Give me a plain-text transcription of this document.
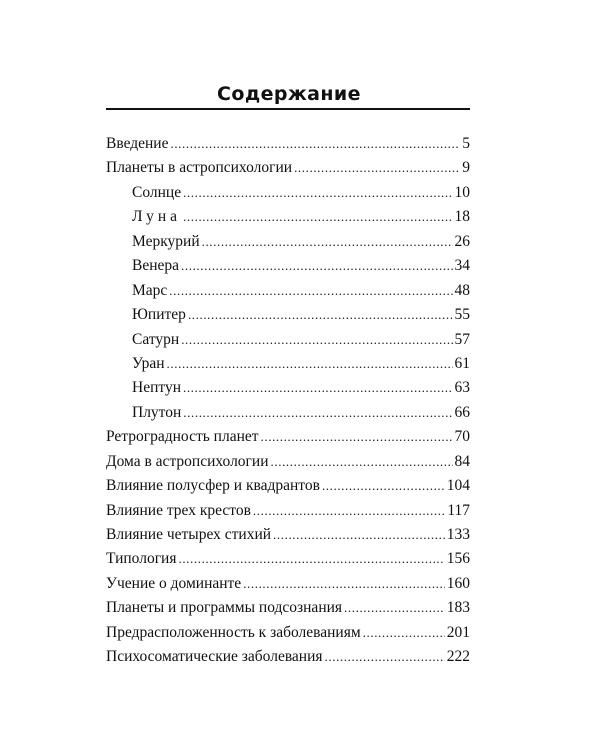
Содержание
Введение .....	5
Планеты в астропсихологии .....	9
Солнце .....	10
Луна .....	18
Меркурий .....	26
Венера .....	34
Марс .....	48
Юпитер .....	55
Сатурн .....	57
Уран .....	61
Нептун .....	63
Плутон .....	66
Ретроградность планет .....	70
Дома в астропсихологии .....	84
Влияние полусфер и квадрантов .....	104
Влияние трех крестов .....	117
Влияние четырех стихий .....	133
Типология .....	156
Учение о доминанте .....	160
Планеты и программы подсознания .....	183
Предрасположенность к заболеваниям .....	201
Психосоматические заболевания .....	222
